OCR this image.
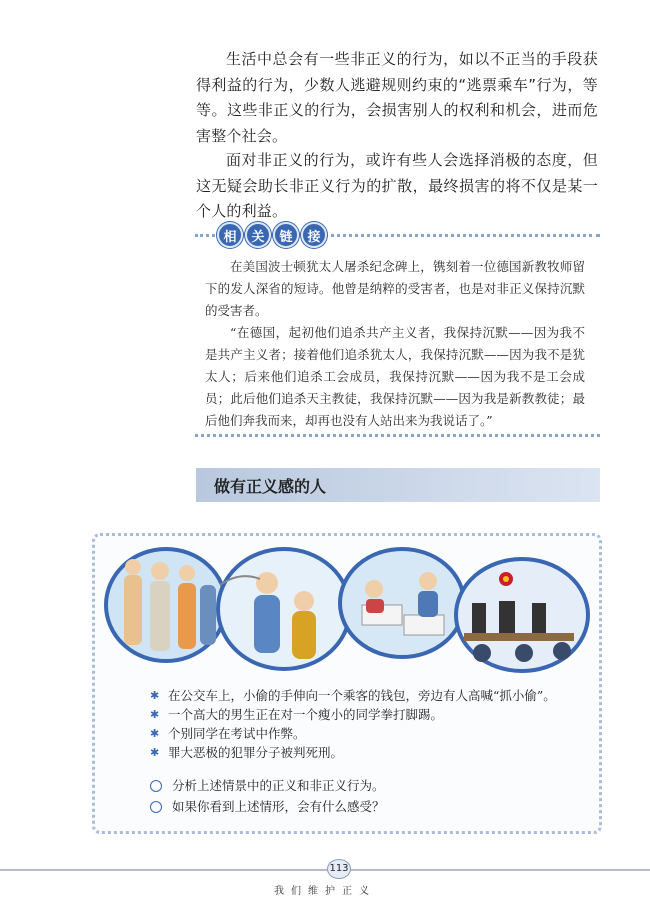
生活中总会有一些非正义的行为，如以不正当的手段获得利益的行为，少数人逃避规则约束的“逃票乘车”行为，等等。这些非正义的行为，会损害别人的权利和机会，进而危害整个社会。

面对非正义的行为，或许有些人会选择消极的态度，但这无疑会助长非正义行为的扩散，最终损害的将不仅是某一个人的利益。

相	关	链	接

在美国波士顿犹太人屠杀纪念碑上，镌刻着一位德国新教牧师留下的发人深省的短诗。他曾是纳粹的受害者，也是对非正义保持沉默的受害者。

“在德国，起初他们追杀共产主义者，我保持沉默——因为我不是共产主义者；接着他们追杀犹太人，我保持沉默——因为我不是犹太人；后来他们追杀工会成员，我保持沉默——因为我不是工会成员；此后他们追杀天主教徒，我保持沉默——因为我是新教教徒；最后他们奔我而来，却再也没有人站出来为我说话了。”

做有正义感的人
✱ 在公交车上，小偷的手伸向一个乘客的钱包，旁边有人高喊“抓小偷”。
✱ 一个高大的男生正在对一个瘦小的同学拳打脚踢。
✱ 个别同学在考试中作弊。
✱ 罪大恶极的犯罪分子被判死刑。
分析上述情景中的正义和非正义行为。
如果你看到上述情形，会有什么感受？
113
我们维护正义
